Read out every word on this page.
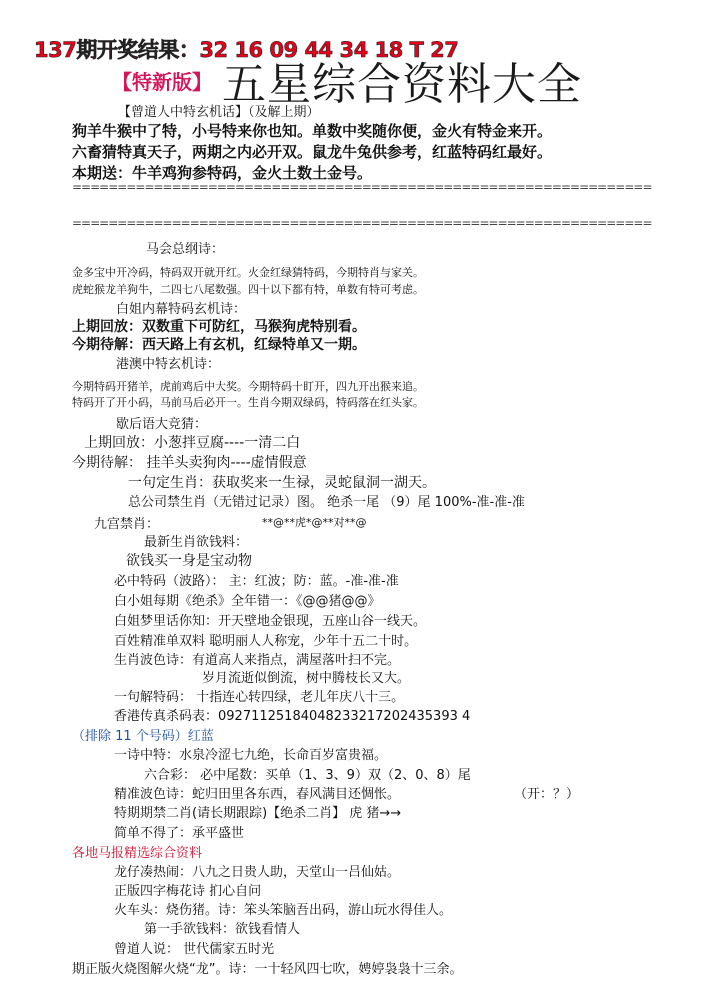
137期开奖结果：32 16 09 44 34 18 T 27
【特新版】 五星综合资料大全
【曾道人中特玄机话】（及解上期）
狗羊牛猴中了特，小号特来你也知。单数中奖随你便，金火有特金来开。
六畜猜特真天子，两期之内必开双。鼠龙牛兔供参考，红蓝特码红最好。
本期送：牛羊鸡狗参特码，金火土数土金号。
================================================================
================================================================
马会总纲诗：
金多宝中开冷码，特码双开就开红。火金红绿猜特码，今期特肖与家关。
虎蛇猴龙羊狗牛，二四七八尾数强。四十以下都有特，单数有特可考虑。
白姐内幕特码玄机诗：
上期回放：双数重下可防红，马猴狗虎特别看。
今期待解：西天路上有玄机，红绿特单又一期。
港澳中特玄机诗：
今期特码开猪羊，虎前鸡后中大奖。今期特码十盯开，四九开出猴来追。
特码开了开小码，马前马后必开一。生肖今期双绿码，特码落在红头家。
歇后语大竞猜：
上期回放：小葱拌豆腐----一清二白
今期待解： 挂羊头卖狗肉----虚情假意
一句定生肖：获取奖来一生禄，灵蛇鼠洞一湖天。
总公司禁生肖（无错过记录）图。 绝杀一尾 （9）尾 100%-准-准-准
九宫禁肖：	**@**虎*@**对**@
最新生肖欲钱料：
欲钱买一身是宝动物
必中特码（波路）： 主：红波；防：蓝。-准-准-准
白小姐每期《绝杀》全年错一：《@@猪@@》
白姐梦里话你知：开天壁地金银现，五座山谷一线天。
百姓精准单双料 聪明丽人人称宠，少年十五二十时。
生肖波色诗：有道高人来指点，满屋落叶扫不完。
岁月流逝似倒流，树中腾枝长又大。
一句解特码： 十指连心转四绿，老儿年庆八十三。
香港传真杀码表：09271125184048233217202435393 4
（排除 11 个号码）红蓝
一诗中特：水泉冷涩七九绝，长命百岁富贵福。
六合彩： 必中尾数：买单（1、3、9）双（2、0、8）尾
精准波色诗：蛇归田里各东西，春风满目还惆怅。	（开：？）
特期期禁二肖(请长期跟踪)【绝杀二肖】 虎 猪→→
简单不得了：承平盛世
各地马报精选综合资料
龙仔凑热闹：八九之日贵人助，天堂山一吕仙姑。
正版四字梅花诗 扪心自问
火车头：烧伤猪。诗：笨头笨脑吾出码，游山玩水得佳人。
第一手欲钱料：欲钱看情人
曾道人说： 世代儒家五时光
期正版火烧图解火烧“龙”。诗：一十轻风四七吹，娉婷袅袅十三余。
